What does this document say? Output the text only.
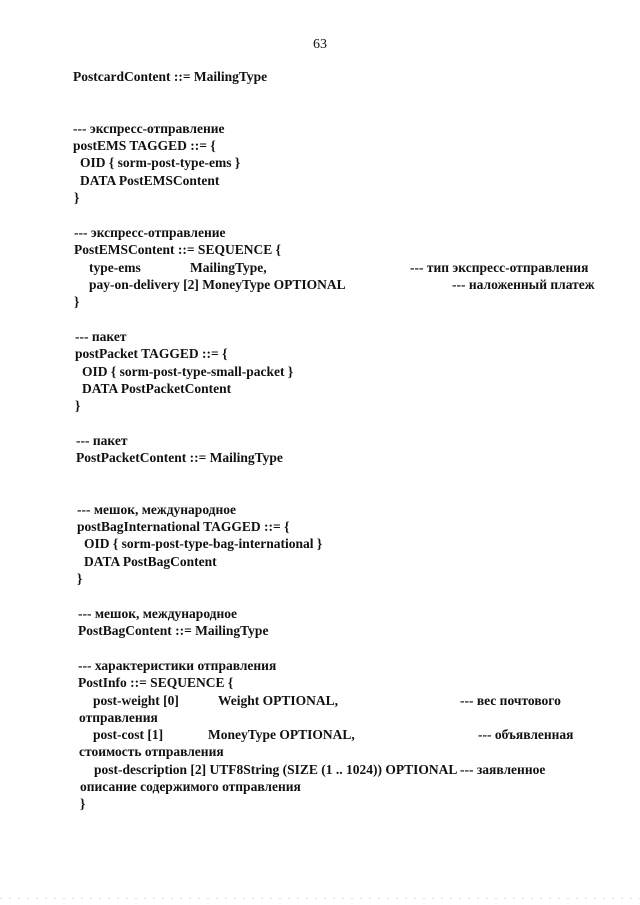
63
PostcardContent ::= MailingType
--- экспресс-отправление
postEMS TAGGED ::= {
OID { sorm-post-type-ems }
DATA PostEMSContent
}
--- экспресс-отправление
PostEMSContent ::= SEQUENCE {
type-ems	MailingType,	--- тип экспресс-отправления
pay-on-delivery [2] MoneyType OPTIONAL	--- наложенный платеж
}
--- пакет
postPacket TAGGED ::= {
OID { sorm-post-type-small-packet }
DATA PostPacketContent
}
--- пакет
PostPacketContent ::= MailingType
--- мешок, международное
postBagInternational TAGGED ::= {
OID { sorm-post-type-bag-international }
DATA PostBagContent
}
--- мешок, международное
PostBagContent ::= MailingType
--- характеристики отправления
PostInfo ::= SEQUENCE {
post-weight [0]	Weight OPTIONAL,	--- вес почтового
отправления
post-cost [1]	MoneyType OPTIONAL,	--- объявленная
стоимость отправления
post-description [2] UTF8String (SIZE (1 .. 1024)) OPTIONAL --- заявленное
описание содержимого отправления
}
